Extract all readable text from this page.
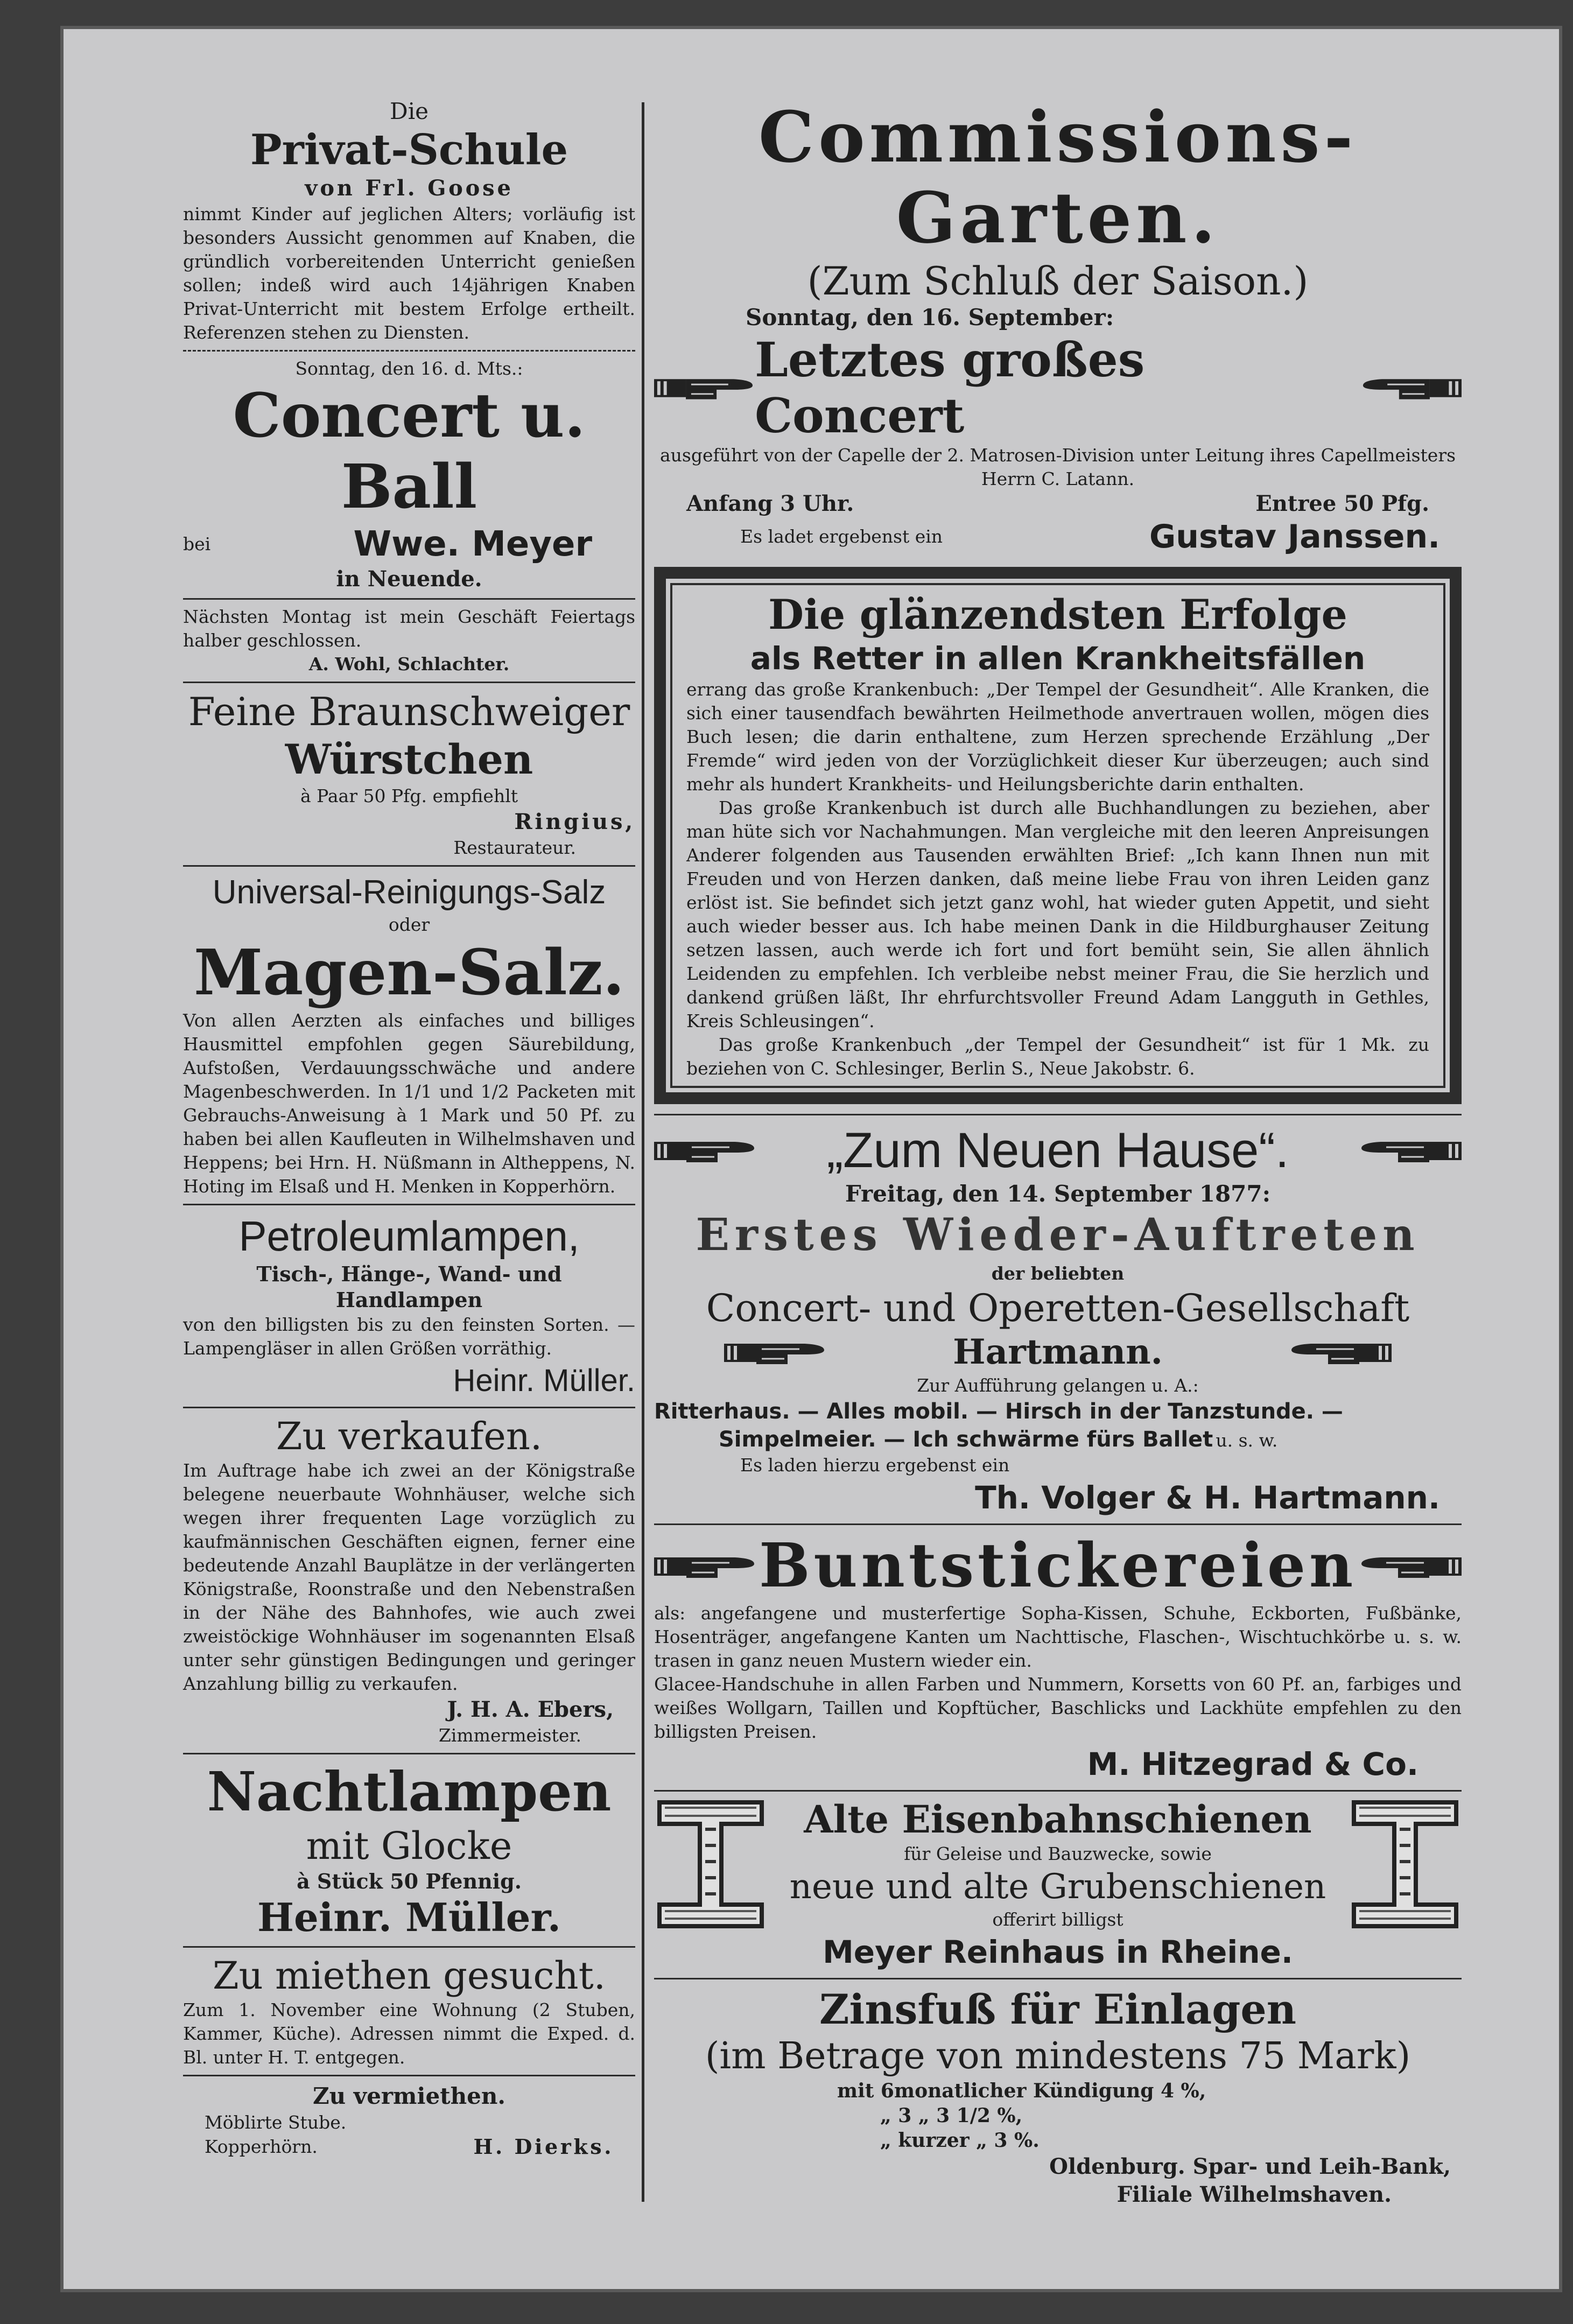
Die
Privat-Schule
von Frl. Goose
nimmt Kinder auf jeglichen Alters; vorläufig ist besonders Aussicht genommen auf Knaben, die gründlich vorbereitenden Unterricht genießen sollen; indeß wird auch 14jährigen Knaben Privat-Unterricht mit bestem Erfolge ertheilt. Referenzen stehen zu Diensten.
Sonntag, den 16. d. Mts.:
Concert u. Ball
bei	Wwe. Meyer
in Neuende.
Nächsten Montag ist mein Geschäft Feiertags halber geschlossen.
A. Wohl, Schlachter.
Feine Braunschweiger
Würstchen
à Paar 50 Pfg. empfiehlt
Ringius,
Restaurateur.
Universal-Reinigungs-Salz
oder
Magen-Salz.
Von allen Aerzten als einfaches und billiges Hausmittel empfohlen gegen Säurebildung, Aufstoßen, Verdauungsschwäche und andere Magenbeschwerden. In 1/1 und 1/2 Packeten mit Gebrauchs-Anweisung à 1 Mark und 50 Pf. zu haben bei allen Kaufleuten in Wilhelmshaven und Heppens; bei Hrn. H. Nüßmann in Altheppens, N. Hoting im Elsaß und H. Menken in Kopperhörn.
Petroleumlampen,
Tisch-, Hänge-, Wand- und Handlampen
von den billigsten bis zu den feinsten Sorten. — Lampengläser in allen Größen vorräthig.
Heinr. Müller.
Zu verkaufen.
Im Auftrage habe ich zwei an der Königstraße belegene neuerbaute Wohnhäuser, welche sich wegen ihrer frequenten Lage vorzüglich zu kaufmännischen Geschäften eignen, ferner eine bedeutende Anzahl Bauplätze in der verlängerten Königstraße, Roonstraße und den Nebenstraßen in der Nähe des Bahnhofes, wie auch zwei zweistöckige Wohnhäuser im sogenannten Elsaß unter sehr günstigen Bedingungen und geringer Anzahlung billig zu verkaufen.
J. H. A. Ebers,
Zimmermeister.
Nachtlampen
mit Glocke
à Stück 50 Pfennig.
Heinr. Müller.
Zu miethen gesucht.
Zum 1. November eine Wohnung (2 Stuben, Kammer, Küche). Adressen nimmt die Exped. d. Bl. unter H. T. entgegen.
Zu vermiethen.
Möblirte Stube.
Kopperhörn.	H. Dierks.
Commissions-Garten.
(Zum Schluß der Saison.)
Sonntag, den 16. September:
Letztes großes Concert
ausgeführt von der Capelle der 2. Matrosen-Division unter Leitung ihres Capellmeisters Herrn C. Latann.
Anfang 3 Uhr.	Entree 50 Pfg.
Es ladet ergebenst ein	Gustav Janssen.
Die glänzendsten Erfolge
als Retter in allen Krankheitsfällen
errang das große Krankenbuch: „Der Tempel der Gesundheit“. Alle Kranken, die sich einer tausendfach bewährten Heilmethode anvertrauen wollen, mögen dies Buch lesen; die darin enthaltene, zum Herzen sprechende Erzählung „Der Fremde“ wird jeden von der Vorzüglichkeit dieser Kur überzeugen; auch sind mehr als hundert Krankheits- und Heilungsberichte darin enthalten.
Das große Krankenbuch ist durch alle Buchhandlungen zu beziehen, aber man hüte sich vor Nachahmungen. Man vergleiche mit den leeren Anpreisungen Anderer folgenden aus Tausenden erwählten Brief: „Ich kann Ihnen nun mit Freuden und von Herzen danken, daß meine liebe Frau von ihren Leiden ganz erlöst ist. Sie befindet sich jetzt ganz wohl, hat wieder guten Appetit, und sieht auch wieder besser aus. Ich habe meinen Dank in die Hildburghauser Zeitung setzen lassen, auch werde ich fort und fort bemüht sein, Sie allen ähnlich Leidenden zu empfehlen. Ich verbleibe nebst meiner Frau, die Sie herzlich und dankend grüßen läßt, Ihr ehrfurchtsvoller Freund Adam Langguth in Gethles, Kreis Schleusingen“.
Das große Krankenbuch „der Tempel der Gesundheit“ ist für 1 Mk. zu beziehen von C. Schlesinger, Berlin S., Neue Jakobstr. 6.
„Zum Neuen Hause“.
Freitag, den 14. September 1877:
Erstes Wieder-Auftreten
der beliebten
Concert- und Operetten-Gesellschaft
Hartmann.
Zur Aufführung gelangen u. A.:
Ritterhaus. — Alles mobil. — Hirsch in der Tanzstunde. —
Simpelmeier. — Ich schwärme fürs Ballet u. s. w.
Es laden hierzu ergebenst ein
Th. Volger & H. Hartmann.
Buntstickereien
als: angefangene und musterfertige Sopha-Kissen, Schuhe, Eckborten, Fußbänke, Hosenträger, angefangene Kanten um Nachttische, Flaschen-, Wischtuchkörbe u. s. w. trasen in ganz neuen Mustern wieder ein.
Glacee-Handschuhe in allen Farben und Nummern, Korsetts von 60 Pf. an, farbiges und weißes Wollgarn, Taillen und Kopftücher, Baschlicks und Lackhüte empfehlen zu den billigsten Preisen.
M. Hitzegrad & Co.
Alte Eisenbahnschienen
für Geleise und Bauzwecke, sowie
neue und alte Grubenschienen
offerirt billigst
Meyer Reinhaus in Rheine.
Zinsfuß für Einlagen
(im Betrage von mindestens 75 Mark)
mit 6monatlicher Kündigung 4 %,
„ 3 „ 3 1/2 %,
„ kurzer „ 3 %.
Oldenburg. Spar- und Leih-Bank,
Filiale Wilhelmshaven.
